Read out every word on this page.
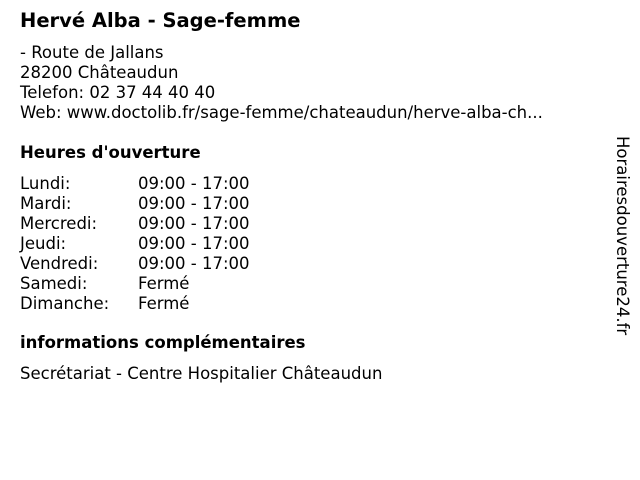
Hervé Alba - Sage-femme
- Route de Jallans
28200 Châteaudun
Telefon: 02 37 44 40 40
Web: www.doctolib.fr/sage-femme/chateaudun/herve-alba-ch...
Heures d'ouverture
Lundi:	09:00 - 17:00
Mardi:	09:00 - 17:00
Mercredi: 09:00 - 17:00
Jeudi:	09:00 - 17:00
Vendredi: 09:00 - 17:00
Samedi:	Fermé
Dimanche: Fermé
informations complémentaires
Secrétariat - Centre Hospitalier Châteaudun
Horairesdouverture24.fr
